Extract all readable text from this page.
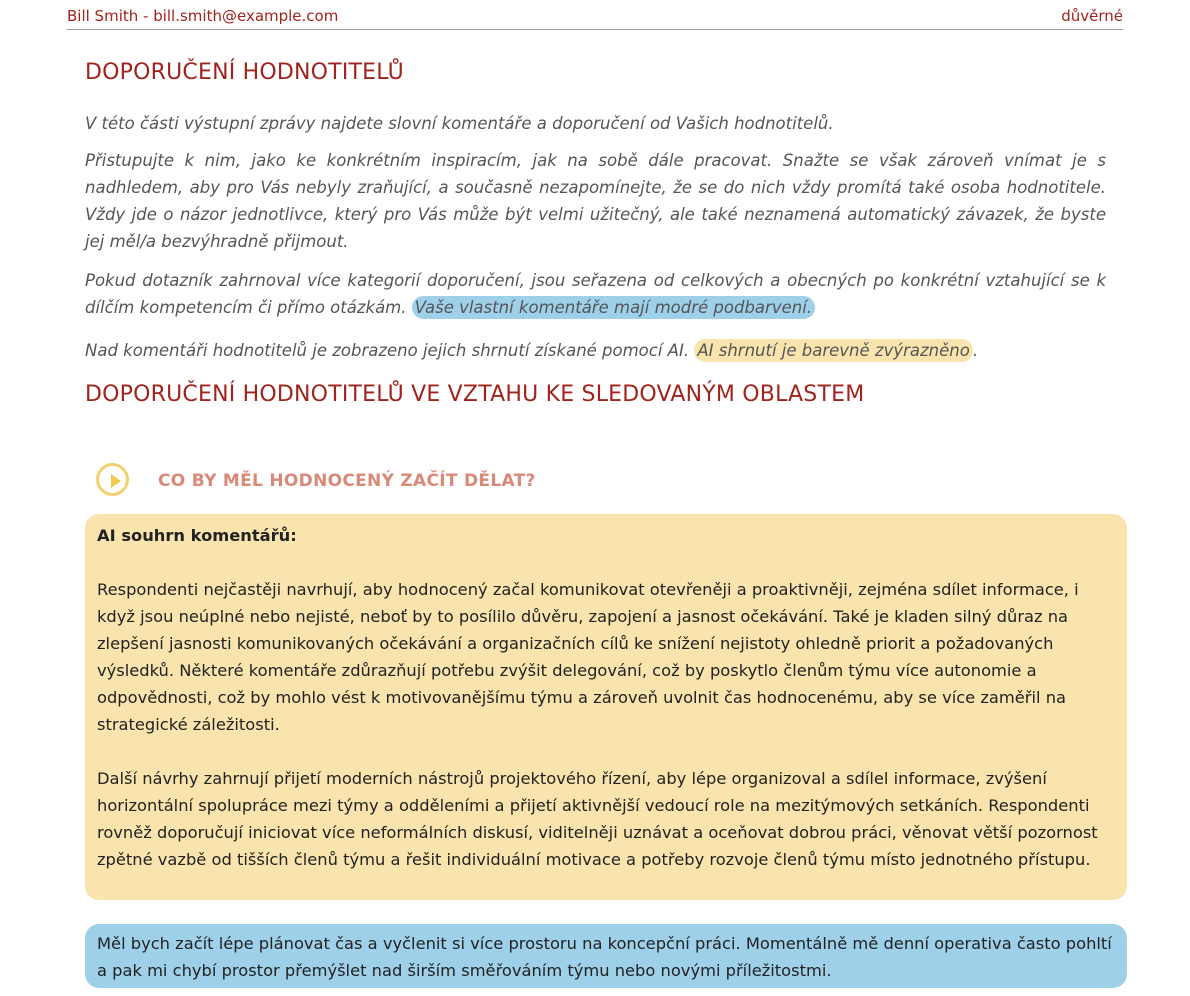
Bill Smith - bill.smith@example.com	důvěrné
DOPORUČENÍ HODNOTITELŮ

V této části výstupní zprávy najdete slovní komentáře a doporučení od Vašich hodnotitelů.

Přistupujte k nim, jako ke konkrétním inspiracím, jak na sobě dále pracovat. Snažte se však zároveň vnímat je s nadhledem, aby pro Vás nebyly zraňující, a současně nezapomínejte, že se do nich vždy promítá také osoba hodnotitele. Vždy jde o názor jednotlivce, který pro Vás může být velmi užitečný, ale také neznamená automatický závazek, že byste jej měl/a bezvýhradně přijmout.

Pokud dotazník zahrnoval více kategorií doporučení, jsou seřazena od celkových a obecných po konkrétní vztahující se k dílčím kompetencím či přímo otázkám. Vaše vlastní komentáře mají modré podbarvení.

Nad komentáři hodnotitelů je zobrazeno jejich shrnutí získané pomocí AI. AI shrnutí je barevně zvýrazněno .

DOPORUČENÍ HODNOTITELŮ VE VZTAHU KE SLEDOVANÝM OBLASTEM
CO BY MĚL HODNOCENÝ ZAČÍT DĚLAT?

AI souhrn komentářů:

Respondenti nejčastěji navrhují, aby hodnocený začal komunikovat otevřeněji a proaktivněji, zejména sdílet informace, i když jsou neúplné nebo nejisté, neboť by to posílilo důvěru, zapojení a jasnost očekávání. Také je kladen silný důraz na zlepšení jasnosti komunikovaných očekávání a organizačních cílů ke snížení nejistoty ohledně priorit a požadovaných výsledků. Některé komentáře zdůrazňují potřebu zvýšit delegování, což by poskytlo členům týmu více autonomie a odpovědnosti, což by mohlo vést k motivovanějšímu týmu a zároveň uvolnit čas hodnocenému, aby se více zaměřil na strategické záležitosti.

Další návrhy zahrnují přijetí moderních nástrojů projektového řízení, aby lépe organizoval a sdílel informace, zvýšení horizontální spolupráce mezi týmy a odděleními a přijetí aktivnější vedoucí role na mezitýmových setkáních. Respondenti rovněž doporučují iniciovat více neformálních diskusí, viditelněji uznávat a oceňovat dobrou práci, věnovat větší pozornost zpětné vazbě od tišších členů týmu a řešit individuální motivace a potřeby rozvoje členů týmu místo jednotného přístupu.

Měl bych začít lépe plánovat čas a vyčlenit si více prostoru na koncepční práci. Momentálně mě denní operativa často pohltí a pak mi chybí prostor přemýšlet nad širším směřováním týmu nebo novými příležitostmi.
